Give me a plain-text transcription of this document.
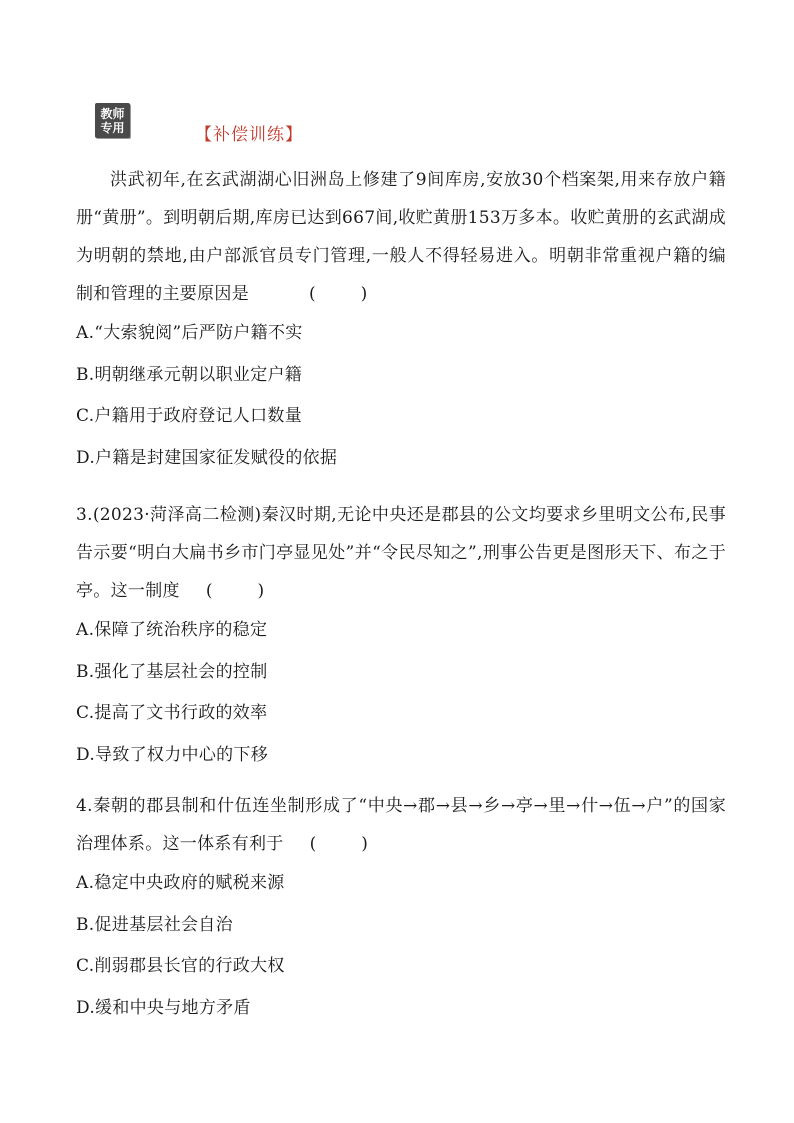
教师
专用	【补偿训练】

洪武初年,在玄武湖湖心旧洲岛上修建了9间库房,安放30个档案架,用来存放户籍册“黄册”。到明朝后期,库房已达到667间,收贮黄册153万多本。收贮黄册的玄武湖成为明朝的禁地,由户部派官员专门管理,一般人不得轻易进入。明朝非常重视户籍的编制和管理的主要原因是	(　)

A.“大索貌阅”后严防户籍不实

B.明朝继承元朝以职业定户籍

C.户籍用于政府登记人口数量

D.户籍是封建国家征发赋役的依据

3.(2023·菏泽高二检测)秦汉时期,无论中央还是郡县的公文均要求乡里明文公布,民事告示要“明白大扁书乡市门亭显见处”并“令民尽知之”,刑事公告更是图形天下、布之于亭。这一制度 (　)

A.保障了统治秩序的稳定

B.强化了基层社会的控制

C.提高了文书行政的效率

D.导致了权力中心的下移

4.秦朝的郡县制和什伍连坐制形成了“中央→郡→县→乡→亭→里→什→伍→户”的国家治理体系。这一体系有利于 (　)

A.稳定中央政府的赋税来源

B.促进基层社会自治

C.削弱郡县长官的行政大权

D.缓和中央与地方矛盾
